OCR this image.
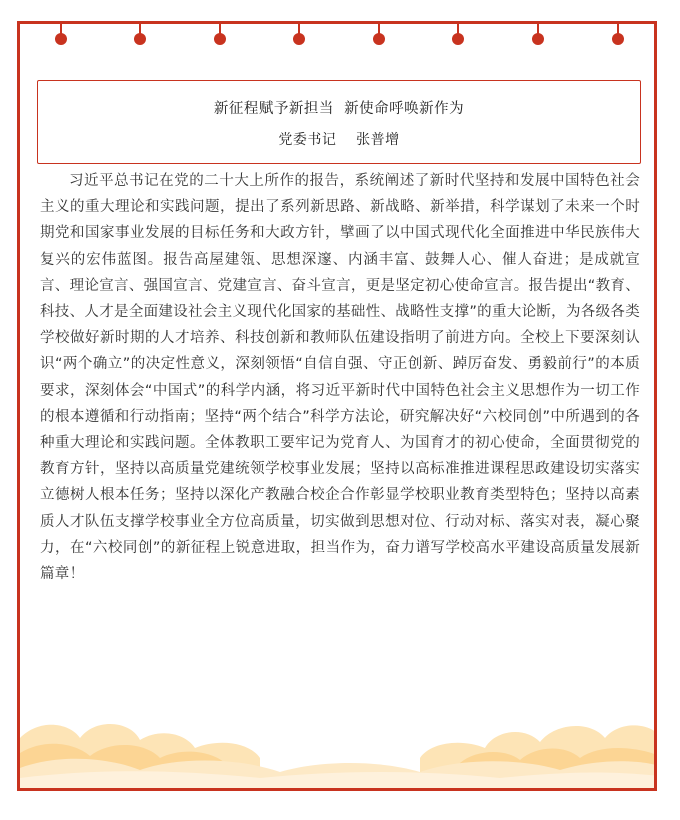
新征程赋予新担当  新使命呼唤新作为
党委书记    张普增

习近平总书记在党的二十大上所作的报告，系统阐述了新时代坚持和发展中国特色社会主义的重大理论和实践问题，提出了系列新思路、新战略、新举措，科学谋划了未来一个时期党和国家事业发展的目标任务和大政方针，擘画了以中国式现代化全面推进中华民族伟大复兴的宏伟蓝图。报告高屋建瓴、思想深邃、内涵丰富、鼓舞人心、催人奋进；是成就宣言、理论宣言、强国宣言、党建宣言、奋斗宣言，更是坚定初心使命宣言。报告提出“教育、科技、人才是全面建设社会主义现代化国家的基础性、战略性支撑”的重大论断，为各级各类学校做好新时期的人才培养、科技创新和教师队伍建设指明了前进方向。全校上下要深刻认识“两个确立”的决定性意义，深刻领悟“自信自强、守正创新、踔厉奋发、勇毅前行”的本质要求，深刻体会“中国式”的科学内涵，将习近平新时代中国特色社会主义思想作为一切工作的根本遵循和行动指南；坚持“两个结合”科学方法论，研究解决好“六校同创”中所遇到的各种重大理论和实践问题。全体教职工要牢记为党育人、为国育才的初心使命，全面贯彻党的教育方针，坚持以高质量党建统领学校事业发展；坚持以高标准推进课程思政建设切实落实立德树人根本任务；坚持以深化产教融合校企合作彰显学校职业教育类型特色；坚持以高素质人才队伍支撑学校事业全方位高质量，切实做到思想对位、行动对标、落实对表，凝心聚力，在“六校同创”的新征程上锐意进取，担当作为，奋力谱写学校高水平建设高质量发展新篇章！
